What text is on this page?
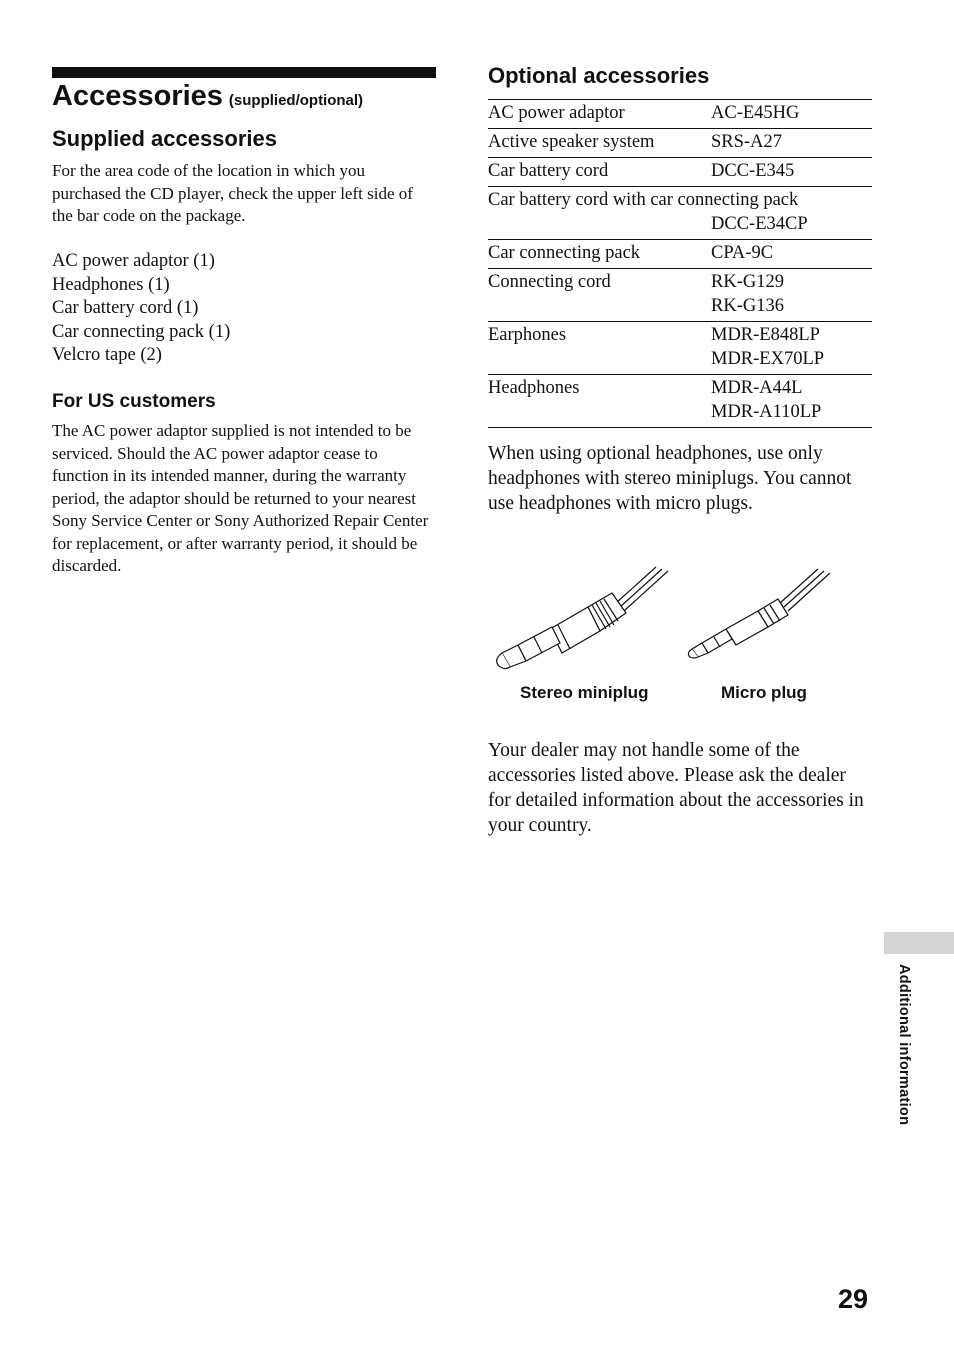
Accessories (supplied/optional)
Supplied accessories
For the area code of the location in which you purchased the CD player, check the upper left side of the bar code on the package.
AC power adaptor (1)
Headphones (1)
Car battery cord (1)
Car connecting pack (1)
Velcro tape (2)
For US customers
The AC power adaptor supplied is not intended to be serviced. Should the AC power adaptor cease to function in its intended manner, during the warranty period, the adaptor should be returned to your nearest Sony Service Center or Sony Authorized Repair Center for replacement, or after warranty period, it should be discarded.
Optional accessories
AC power adaptor	AC-E45HG

Active speaker system	SRS-A27

Car battery cord	DCC-E345

Car battery cord with car connecting pack
DCC-E34CP	

Car connecting pack	CPA-9C

Connecting cord	RK-G129
RK-G136

Earphones	MDR-E848LP
MDR-EX70LP

Headphones	MDR-A44L
MDR-A110LP
When using optional headphones, use only headphones with stereo miniplugs. You cannot use headphones with micro plugs.
Stereo miniplug	Micro plug
Your dealer may not handle some of the accessories listed above. Please ask the dealer for detailed information about the accessories in your country.
Additional information
29
